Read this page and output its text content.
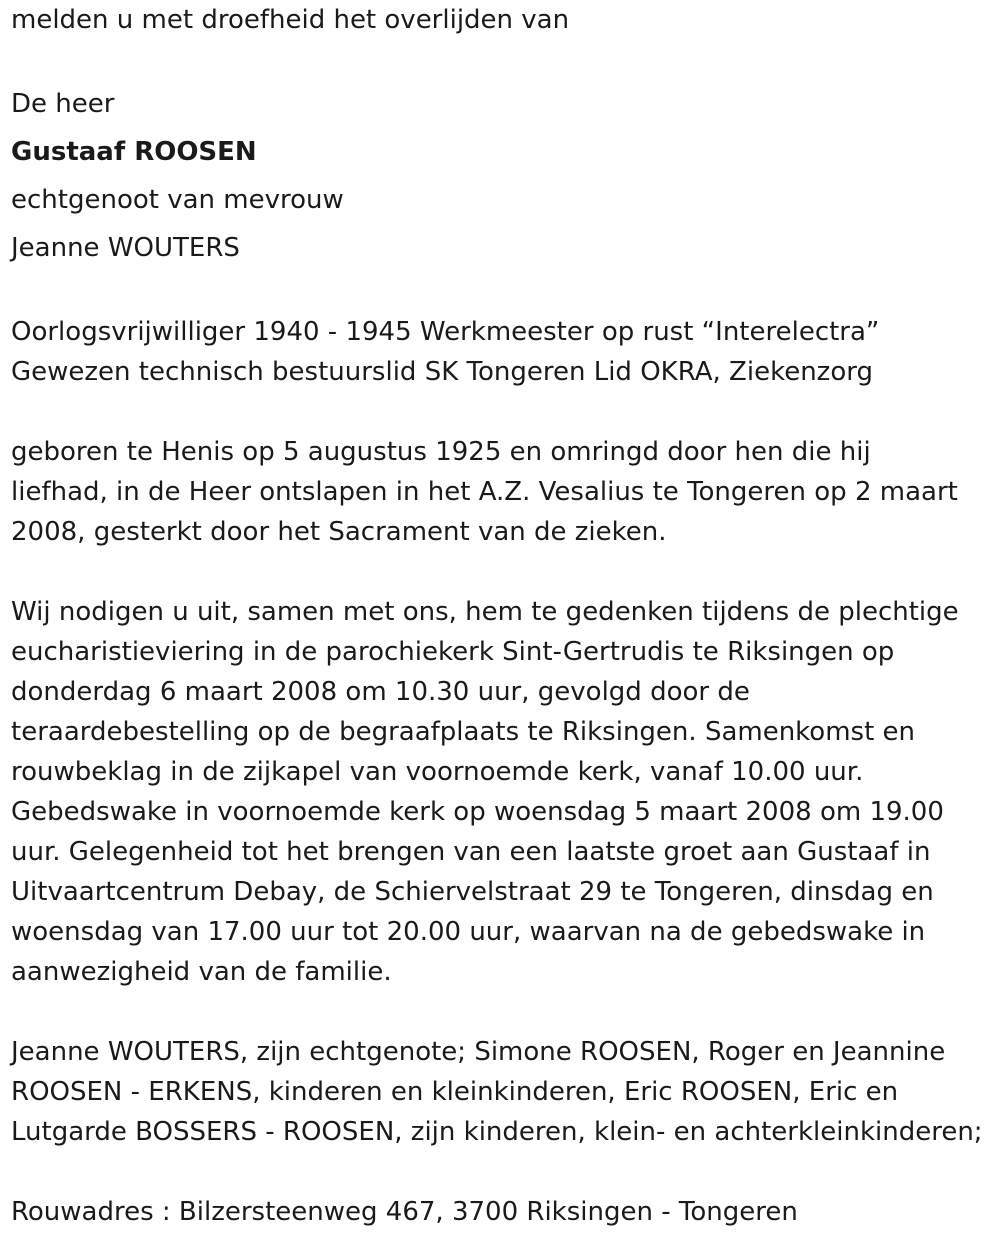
melden u met droefheid het overlijden van

De heer

Gustaaf ROOSEN

echtgenoot van mevrouw

Jeanne WOUTERS

Oorlogsvrijwilliger 1940 - 1945 Werkmeester op rust “Interelectra”

Gewezen technisch bestuurslid SK Tongeren Lid OKRA, Ziekenzorg

geboren te Henis op 5 augustus 1925 en omringd door hen die hij

liefhad, in de Heer ontslapen in het A.Z. Vesalius te Tongeren op 2 maart

2008, gesterkt door het Sacrament van de zieken.

Wij nodigen u uit, samen met ons, hem te gedenken tijdens de plechtige

eucharistieviering in de parochiekerk Sint-Gertrudis te Riksingen op

donderdag 6 maart 2008 om 10.30 uur, gevolgd door de

teraardebestelling op de begraafplaats te Riksingen. Samenkomst en

rouwbeklag in de zijkapel van voornoemde kerk, vanaf 10.00 uur.

Gebedswake in voornoemde kerk op woensdag 5 maart 2008 om 19.00

uur. Gelegenheid tot het brengen van een laatste groet aan Gustaaf in

Uitvaartcentrum Debay, de Schiervelstraat 29 te Tongeren, dinsdag en

woensdag van 17.00 uur tot 20.00 uur, waarvan na de gebedswake in

aanwezigheid van de familie.

Jeanne WOUTERS, zijn echtgenote; Simone ROOSEN, Roger en Jeannine

ROOSEN - ERKENS, kinderen en kleinkinderen, Eric ROOSEN, Eric en

Lutgarde BOSSERS - ROOSEN, zijn kinderen, klein- en achterkleinkinderen;

Rouwadres : Bilzersteenweg 467, 3700 Riksingen - Tongeren
